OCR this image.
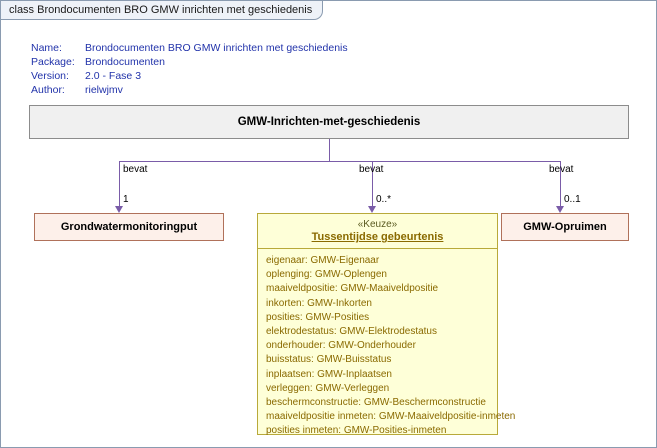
class Brondocumenten BRO GMW inrichten met geschiedenis
Name:	Brondocumenten BRO GMW inrichten met geschiedenis
Package: Brondocumenten
Version:	2.0 - Fase 3
Author:	rielwjmv
GMW-Inrichten-met-geschiedenis
bevat
1
bevat
0..*
bevat
0..1
Grondwatermonitoringput	GMW-Opruimen
«Keuze»
Tussentijdse gebeurtenis
eigenaar: GMW-Eigenaar
oplenging: GMW-Oplengen
maaiveldpositie: GMW-Maaiveldpositie
inkorten: GMW-Inkorten
posities: GMW-Posities
elektrodestatus: GMW-Elektrodestatus
onderhouder: GMW-Onderhouder
buisstatus: GMW-Buisstatus
inplaatsen: GMW-Inplaatsen
verleggen: GMW-Verleggen
beschermconstructie: GMW-Beschermconstructie
maaiveldpositie inmeten: GMW-Maaiveldpositie-inmeten
posities inmeten: GMW-Posities-inmeten
